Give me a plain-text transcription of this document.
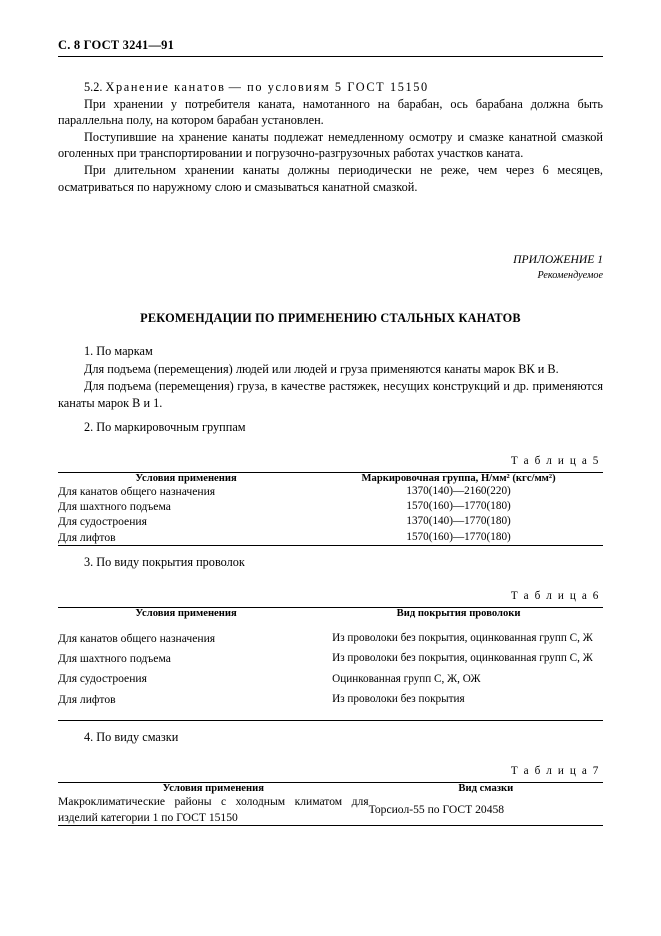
С. 8 ГОСТ 3241—91

5.2. Хранение канатов — по условиям 5 ГОСТ 15150

При хранении у потребителя каната, намотанного на барабан, ось барабана должна быть параллельна полу, на котором барабан установлен.

Поступившие на хранение канаты подлежат немедленному осмотру и смазке канатной смазкой оголенных при транспортировании и погрузочно-разгрузочных работах участков каната.

При длительном хранении канаты должны периодически не реже, чем через 6 месяцев, осматриваться по наружному слою и смазываться канатной смазкой.

ПРИЛОЖЕНИЕ 1
Рекомендуемое
РЕКОМЕНДАЦИИ ПО ПРИМЕНЕНИЮ СТАЛЬНЫХ КАНАТОВ
1. По маркам

Для подъема (перемещения) людей или людей и груза применяются канаты марок ВК и В.

Для подъема (перемещения) груза, в качестве растяжек, несущих конструкций и др. применяются канаты марок В и 1.

2. По маркировочным группам
Т а б л и ц а 5
Условия применения	Маркировочная группа, Н/мм² (кгс/мм²)
Для канатов общего назначения	1370(140)—2160(220)
Для шахтного подъема	1570(160)—1770(180)
Для судостроения	1370(140)—1770(180)
Для лифтов	1570(160)—1770(180)
3. По виду покрытия проволок
Т а б л и ц а 6
Условия применения	Вид покрытия проволоки
Для канатов общего назначения	Из проволоки без покрытия, оцинкованная групп С, Ж
Для шахтного подъема	Из проволоки без покрытия, оцинкованная групп С, Ж
Для судостроения	Оцинкованная групп С, Ж, ОЖ
Для лифтов	Из проволоки без покрытия
4. По виду смазки
Т а б л и ц а 7
Условия применения	Вид смазки
Макроклиматические районы с холодным климатом для изделий категории 1 по ГОСТ 15150	Торсиол-55 по ГОСТ 20458
